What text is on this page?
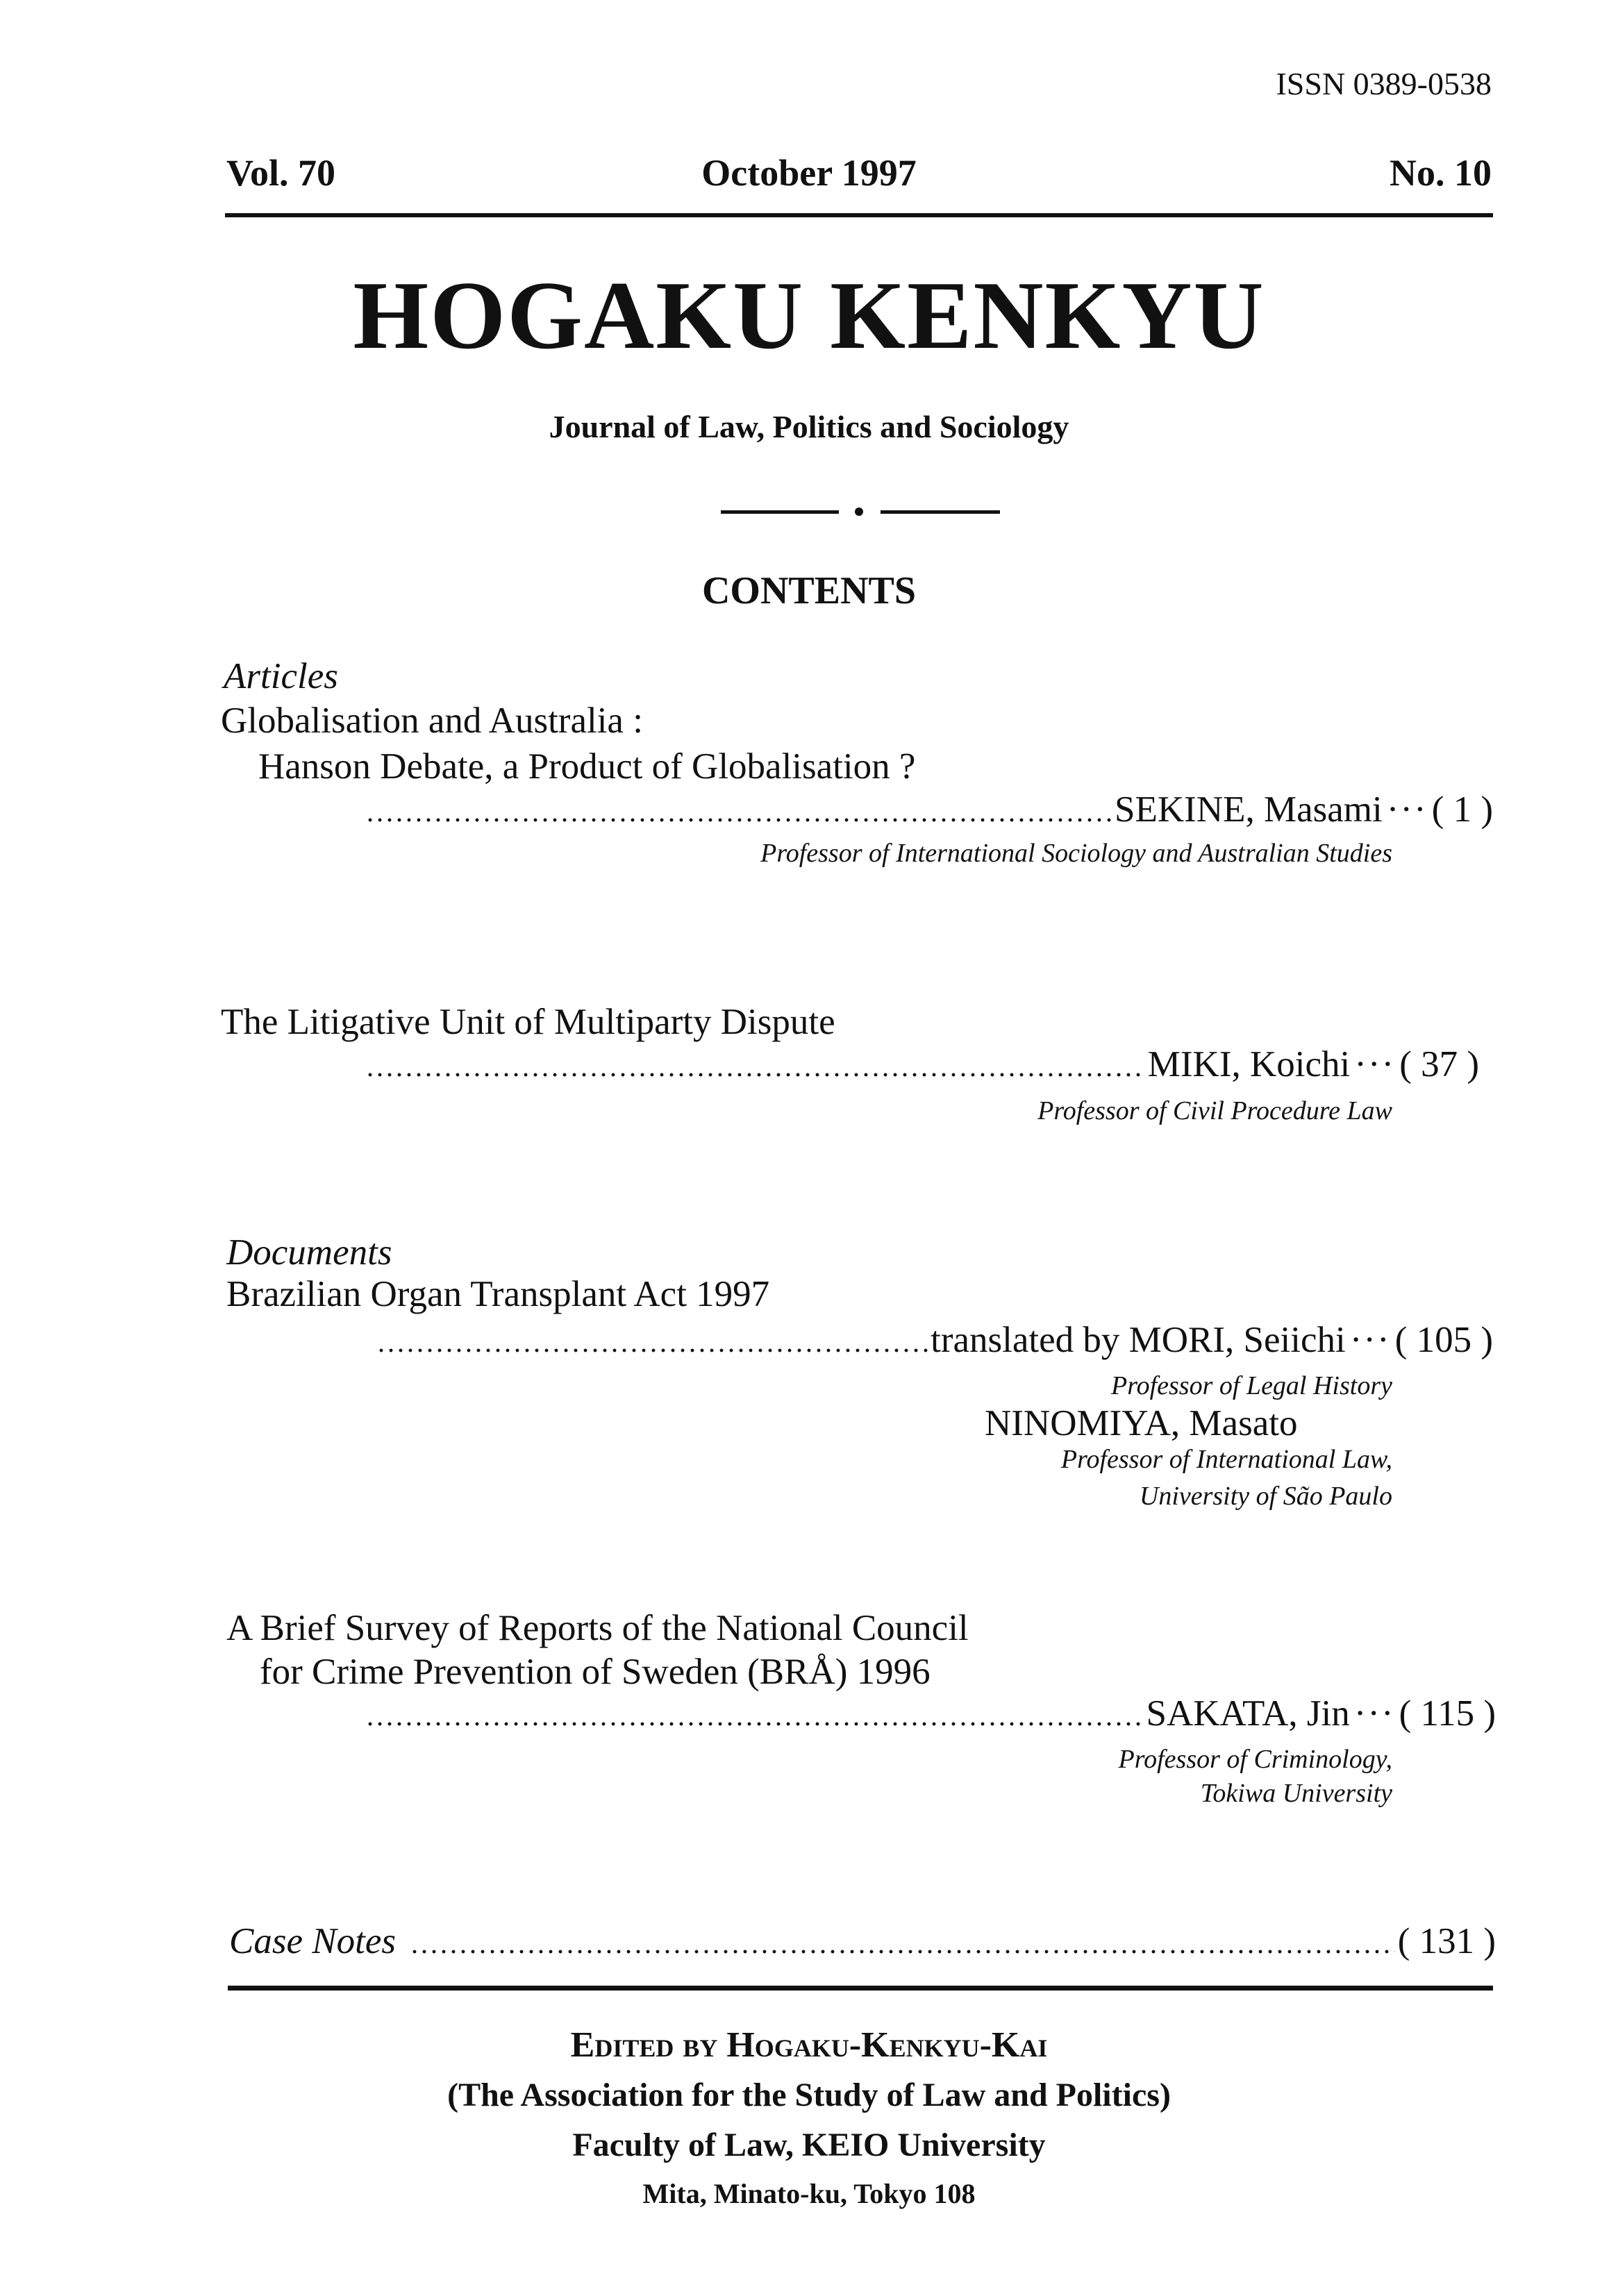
ISSN 0389-0538
Vol. 70	October 1997	No. 10
HOGAKU KENKYU
Journal of Law, Politics and Sociology
CONTENTS
Articles
Globalisation and Australia :
Hanson Debate, a Product of Globalisation ?
SEKINE, Masami ··· ( 1 )
Professor of International Sociology and Australian Studies
The Litigative Unit of Multiparty Dispute
MIKI, Koichi ··· ( 37 )
Professor of Civil Procedure Law
Documents
Brazilian Organ Transplant Act 1997
translated by MORI, Seiichi ··· ( 105 )
Professor of Legal History
NINOMIYA, Masato
Professor of International Law,
University of São Paulo
A Brief Survey of Reports of the National Council
for Crime Prevention of Sweden (BRÅ) 1996
SAKATA, Jin ··· ( 115 )
Professor of Criminology,
Tokiwa University
Case Notes	( 131 )
Edited by Hogaku-Kenkyu-Kai
(The Association for the Study of Law and Politics)
Faculty of Law, KEIO University
Mita, Minato-ku, Tokyo 108
